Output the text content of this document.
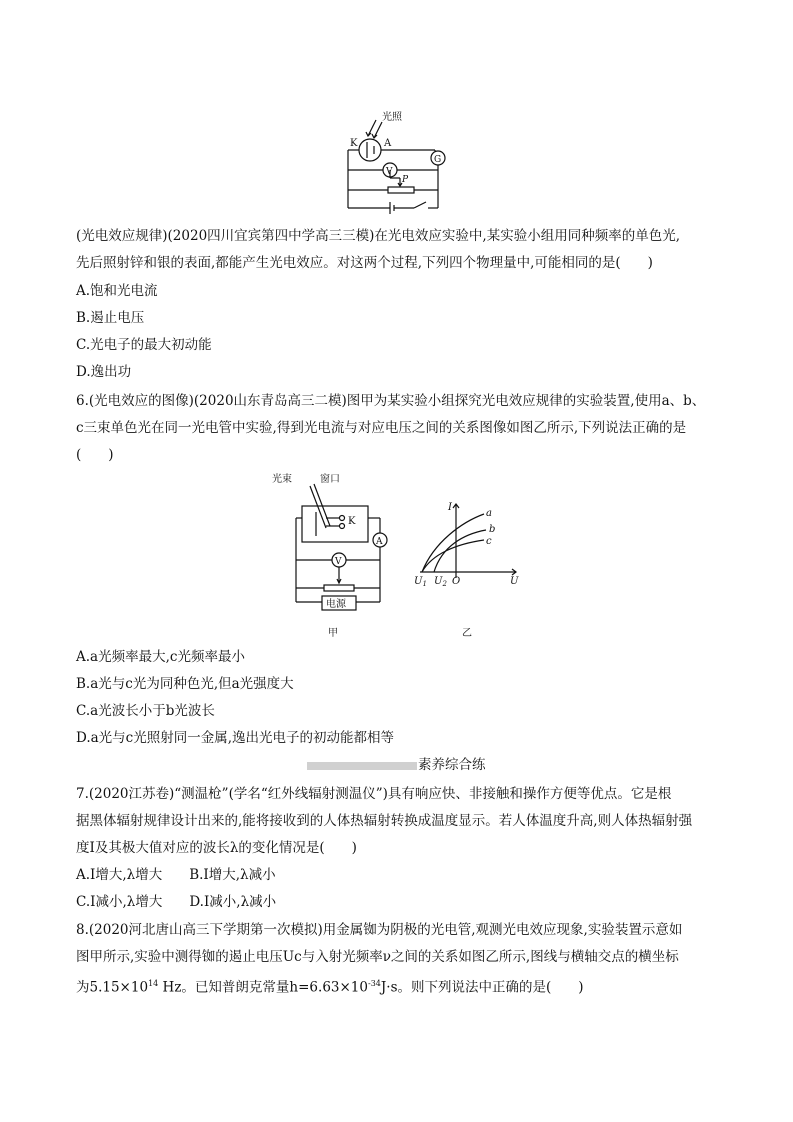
光照
K	A
V
G
P
(光电效应规律)(2020四川宜宾第四中学高三三模)在光电效应实验中,某实验小组用同种频率的单色光,
先后照射锌和银的表面,都能产生光电效应。对这两个过程,下列四个物理量中,可能相同的是(　　)
A.饱和光电流
B.遏止电压
C.光电子的最大初动能
D.逸出功
6.(光电效应的图像)(2020山东青岛高三二模)图甲为某实验小组探究光电效应规律的实验装置,使用a、b、
c三束单色光在同一光电管中实验,得到光电流与对应电压之间的关系图像如图乙所示,下列说法正确的是
(　　)
光束	窗口
K
A
V
电源
甲
I
a
b
c
$U_1$ $U_2$ O	U
乙
A.a光频率最大,c光频率最小
B.a光与c光为同种色光,但a光强度大
C.a光波长小于b光波长
D.a光与c光照射同一金属,逸出光电子的初动能都相等
素养综合练
7.(2020江苏卷)“测温枪”(学名“红外线辐射测温仪”)具有响应快、非接触和操作方便等优点。它是根
据黑体辐射规律设计出来的,能将接收到的人体热辐射转换成温度显示。若人体温度升高,则人体热辐射强
度I及其极大值对应的波长λ的变化情况是(　　)
A.I增大,λ增大　　B.I增大,λ减小
C.I减小,λ增大　　D.I减小,λ减小
8.(2020河北唐山高三下学期第一次模拟)用金属铷为阴极的光电管,观测光电效应现象,实验装置示意如
图甲所示,实验中测得铷的遏止电压Uc与入射光频率ν之间的关系如图乙所示,图线与横轴交点的横坐标
为$5.15\times 10^{14}$ Hz。已知普朗克常量$h=6.63\times 10^{-34}J\cdot s$。则下列说法中正确的是(　　)
